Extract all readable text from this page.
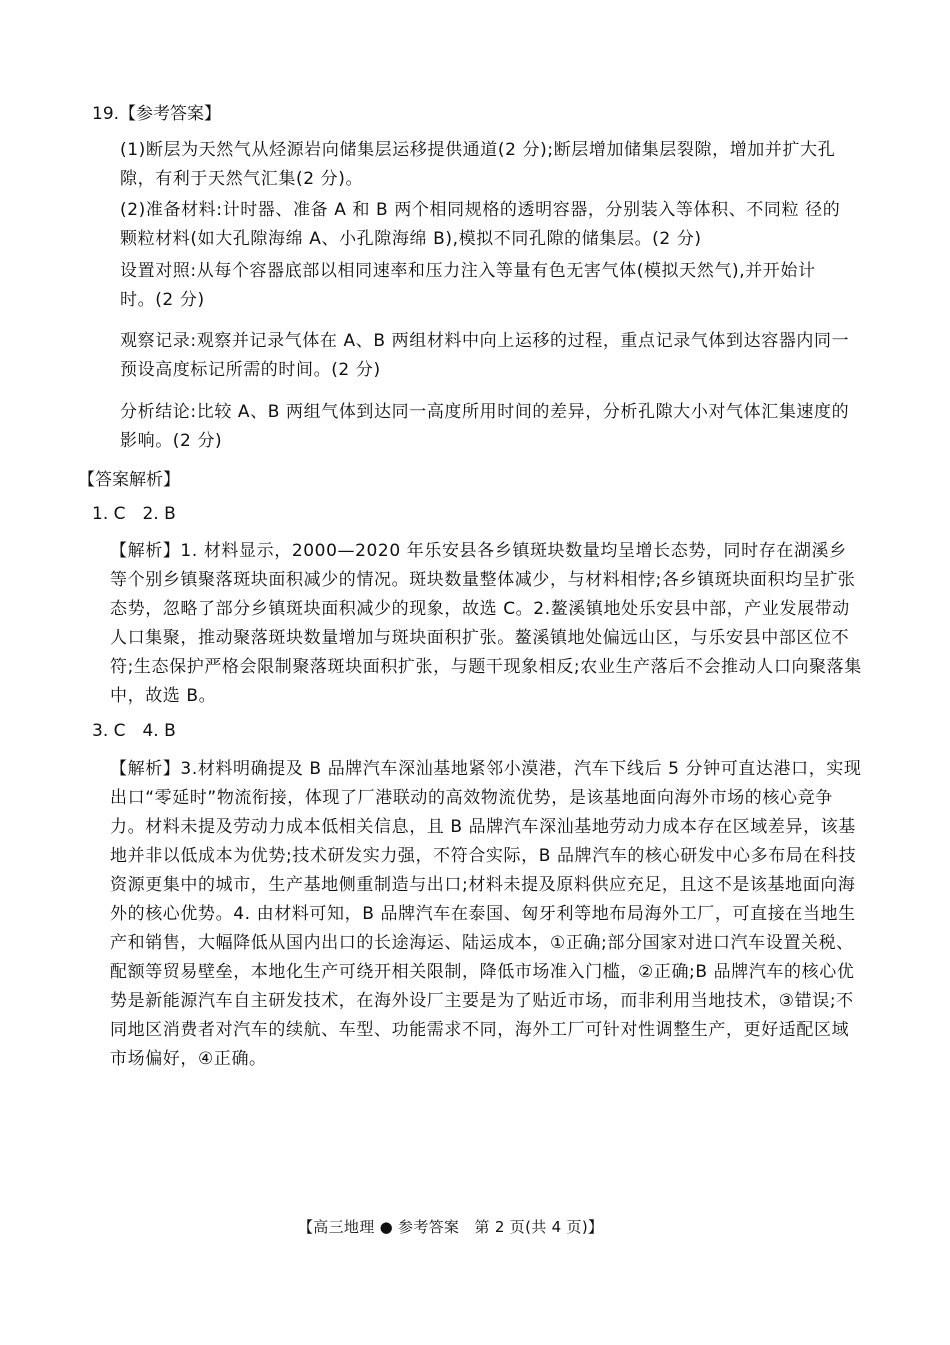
19.【参考答案】

(1)断层为天然气从烃源岩向储集层运移提供通道(2 分);断层增加储集层裂隙，增加并扩大孔隙，有利于天然气汇集(2 分)。

(2)准备材料:计时器、准备 A 和 B 两个相同规格的透明容器，分别装入等体积、不同粒 径的颗粒材料(如大孔隙海绵 A、小孔隙海绵 B),模拟不同孔隙的储集层。(2 分)

设置对照:从每个容器底部以相同速率和压力注入等量有色无害气体(模拟天然气),并开始计时。(2 分)

观察记录:观察并记录气体在 A、B 两组材料中向上运移的过程，重点记录气体到达容器内同一预设高度标记所需的时间。(2 分)

分析结论:比较 A、B 两组气体到达同一高度所用时间的差异，分析孔隙大小对气体汇集速度的影响。(2 分)

【答案解析】
1. C　2. B

【解析】1. 材料显示，2000—2020 年乐安县各乡镇斑块数量均呈增长态势，同时存在湖溪乡等个别乡镇聚落斑块面积减少的情况。斑块数量整体减少，与材料相悖;各乡镇斑块面积均呈扩张态势，忽略了部分乡镇斑块面积减少的现象，故选 C。2.鳌溪镇地处乐安县中部，产业发展带动人口集聚，推动聚落斑块数量增加与斑块面积扩张。鳌溪镇地处偏远山区，与乐安县中部区位不符;生态保护严格会限制聚落斑块面积扩张，与题干现象相反;农业生产落后不会推动人口向聚落集中，故选 B。

3. C　4. B

【解析】3.材料明确提及 B 品牌汽车深汕基地紧邻小漠港，汽车下线后 5 分钟可直达港口，实现出口“零延时”物流衔接，体现了厂港联动的高效物流优势，是该基地面向海外市场的核心竞争力。材料未提及劳动力成本低相关信息，且 B 品牌汽车深汕基地劳动力成本存在区域差异，该基地并非以低成本为优势;技术研发实力强，不符合实际，B 品牌汽车的核心研发中心多布局在科技资源更集中的城市，生产基地侧重制造与出口;材料未提及原料供应充足，且这不是该基地面向海外的核心优势。4. 由材料可知，B 品牌汽车在泰国、匈牙利等地布局海外工厂，可直接在当地生产和销售，大幅降低从国内出口的长途海运、陆运成本，①正确;部分国家对进口汽车设置关税、配额等贸易壁垒，本地化生产可绕开相关限制，降低市场准入门槛，②正确;B 品牌汽车的核心优势是新能源汽车自主研发技术，在海外设厂主要是为了贴近市场，而非利用当地技术，③错误;不同地区消费者对汽车的续航、车型、功能需求不同，海外工厂可针对性调整生产，更好适配区域市场偏好，④正确。

【高三地理 ● 参考答案　第 2 页(共 4 页)】
